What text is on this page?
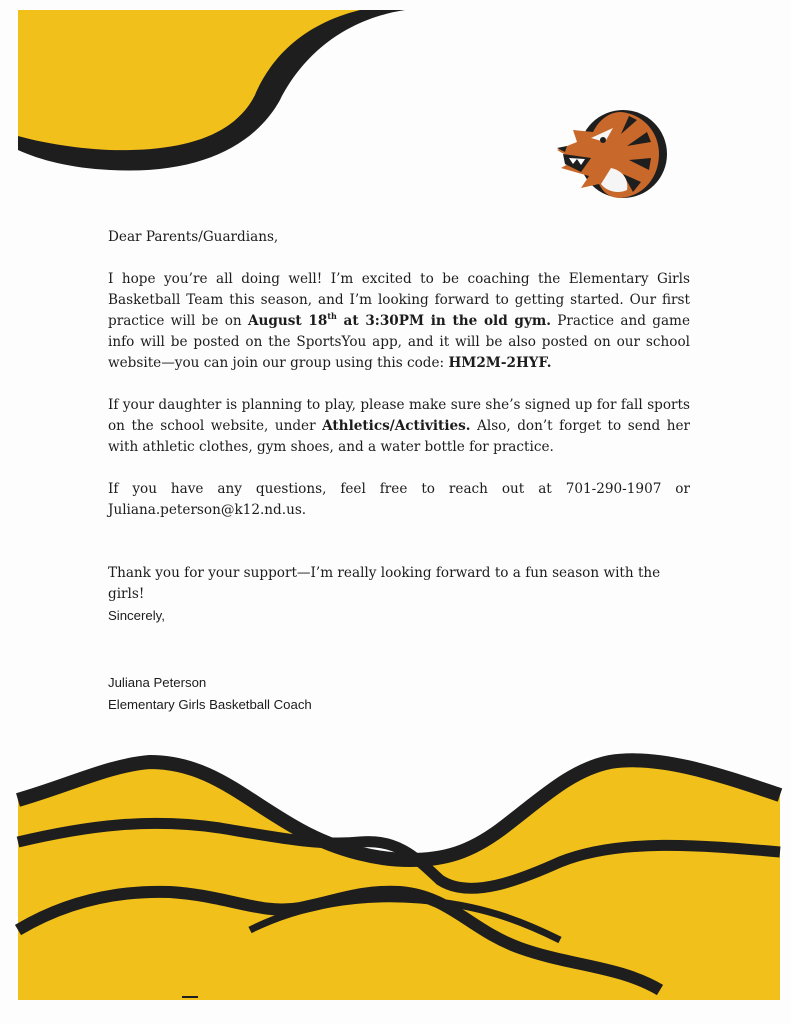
Dear Parents/Guardians,

I hope you’re all doing well! I’m excited to be coaching the Elementary Girls Basketball Team this season, and I’m looking forward to getting started. Our first practice will be on August 18th at 3:30PM in the old gym. Practice and game info will be posted on the SportsYou app, and it will be also posted on our school website—you can join our group using this code: HM2M-2HYF.

If your daughter is planning to play, please make sure she’s signed up for fall sports on the school website, under Athletics/Activities. Also, don’t forget to send her with athletic clothes, gym shoes, and a water bottle for practice.

If you have any questions, feel free to reach out at 701-290-1907 or Juliana.peterson@k12.nd.us.

Thank you for your support—I’m really looking forward to a fun season with the girls!

Sincerely,

Juliana Peterson

Elementary Girls Basketball Coach
